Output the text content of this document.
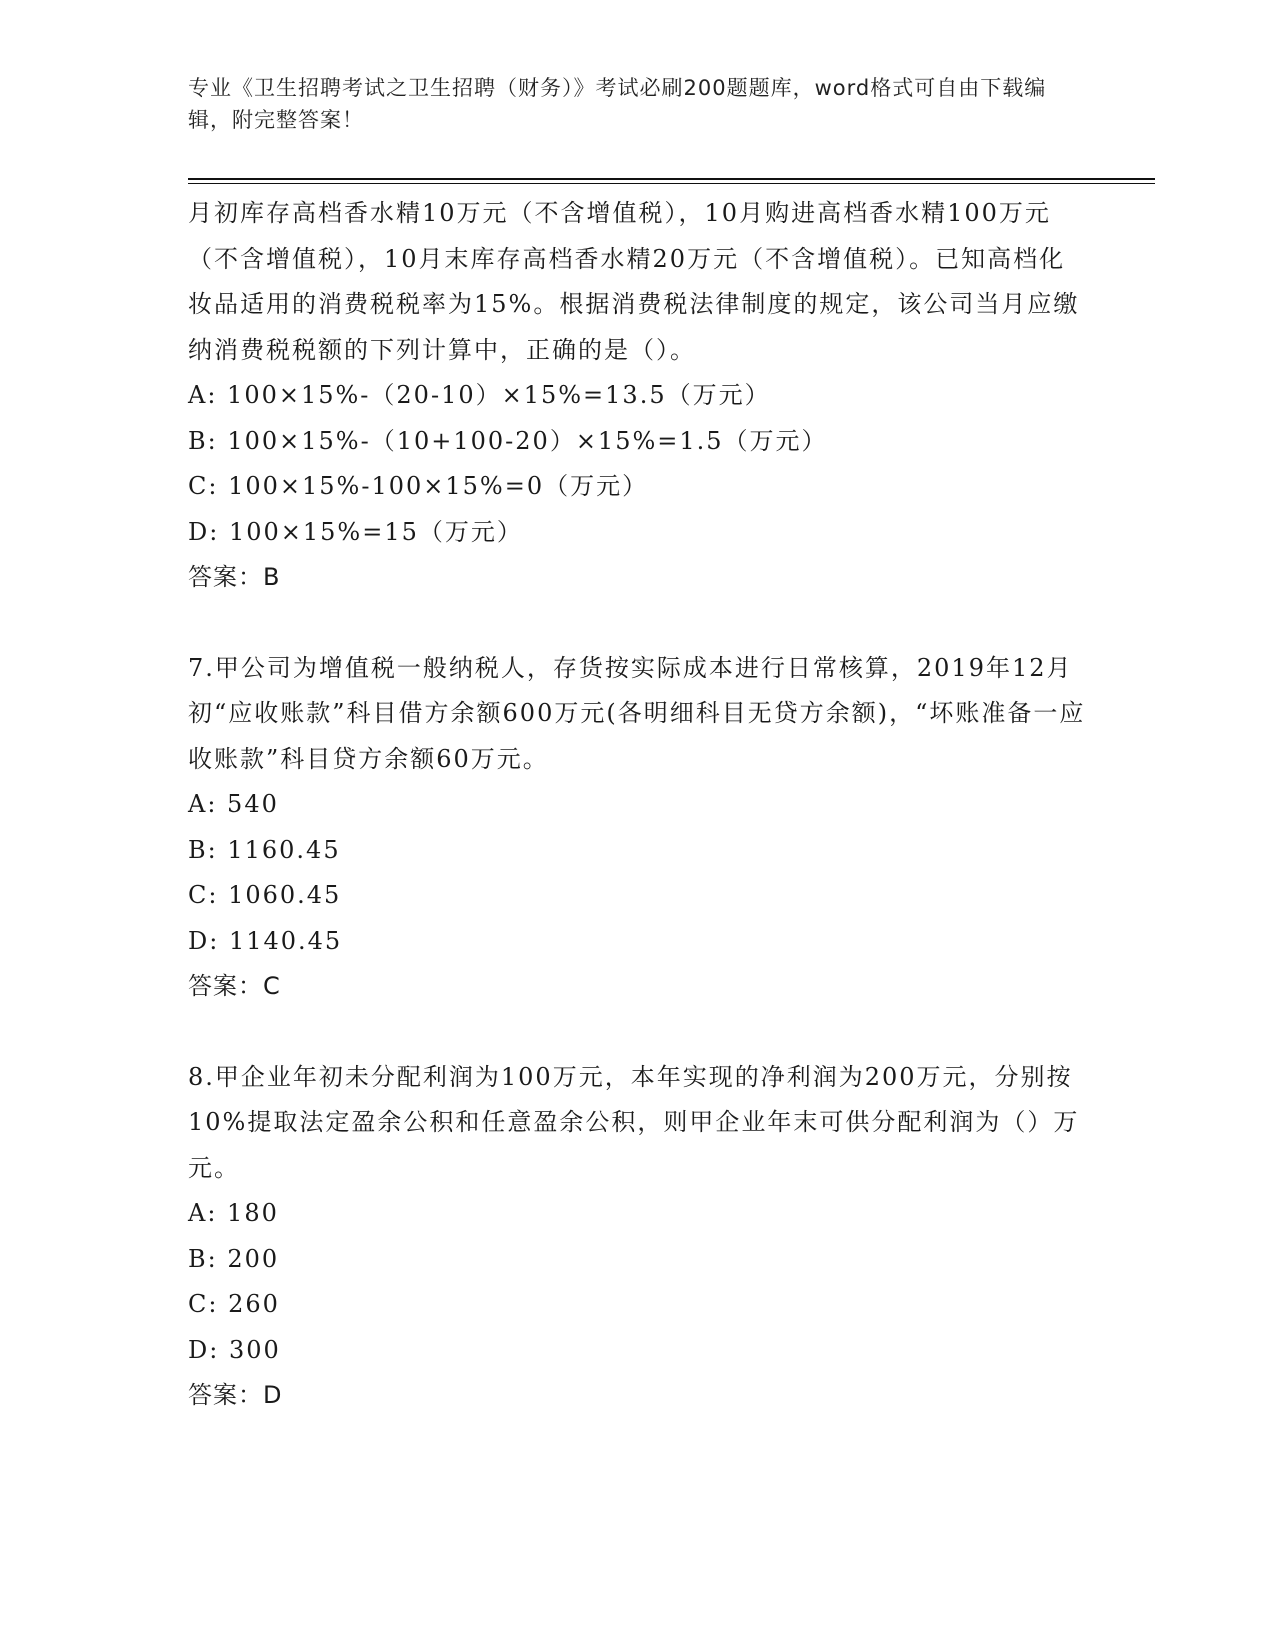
专业《卫生招聘考试之卫生招聘（财务）》考试必刷200题题库，word格式可自由下载编辑，附完整答案！
月初库存高档香水精10万元（不含增值税），10月购进高档香水精100万元（不含增值税），10月末库存高档香水精20万元（不含增值税）。已知高档化妆品适用的消费税税率为15%。根据消费税法律制度的规定，该公司当月应缴纳消费税税额的下列计算中，正确的是（）。
A: 100×15%-（20-10）×15%=13.5（万元）
B: 100×15%-（10+100-20）×15%=1.5（万元）
C: 100×15%-100×15%=0（万元）
D: 100×15%=15（万元）
答案：B
7.甲公司为增值税一般纳税人，存货按实际成本进行日常核算，2019年12月初“应收账款”科目借方余额600万元(各明细科目无贷方余额)，“坏账准备一应收账款”科目贷方余额60万元。
A: 540
B: 1160.45
C: 1060.45
D: 1140.45
答案：C
8.甲企业年初未分配利润为100万元，本年实现的净利润为200万元，分别按10%提取法定盈余公积和任意盈余公积，则甲企业年末可供分配利润为（）万元。
A: 180
B: 200
C: 260
D: 300
答案：D
